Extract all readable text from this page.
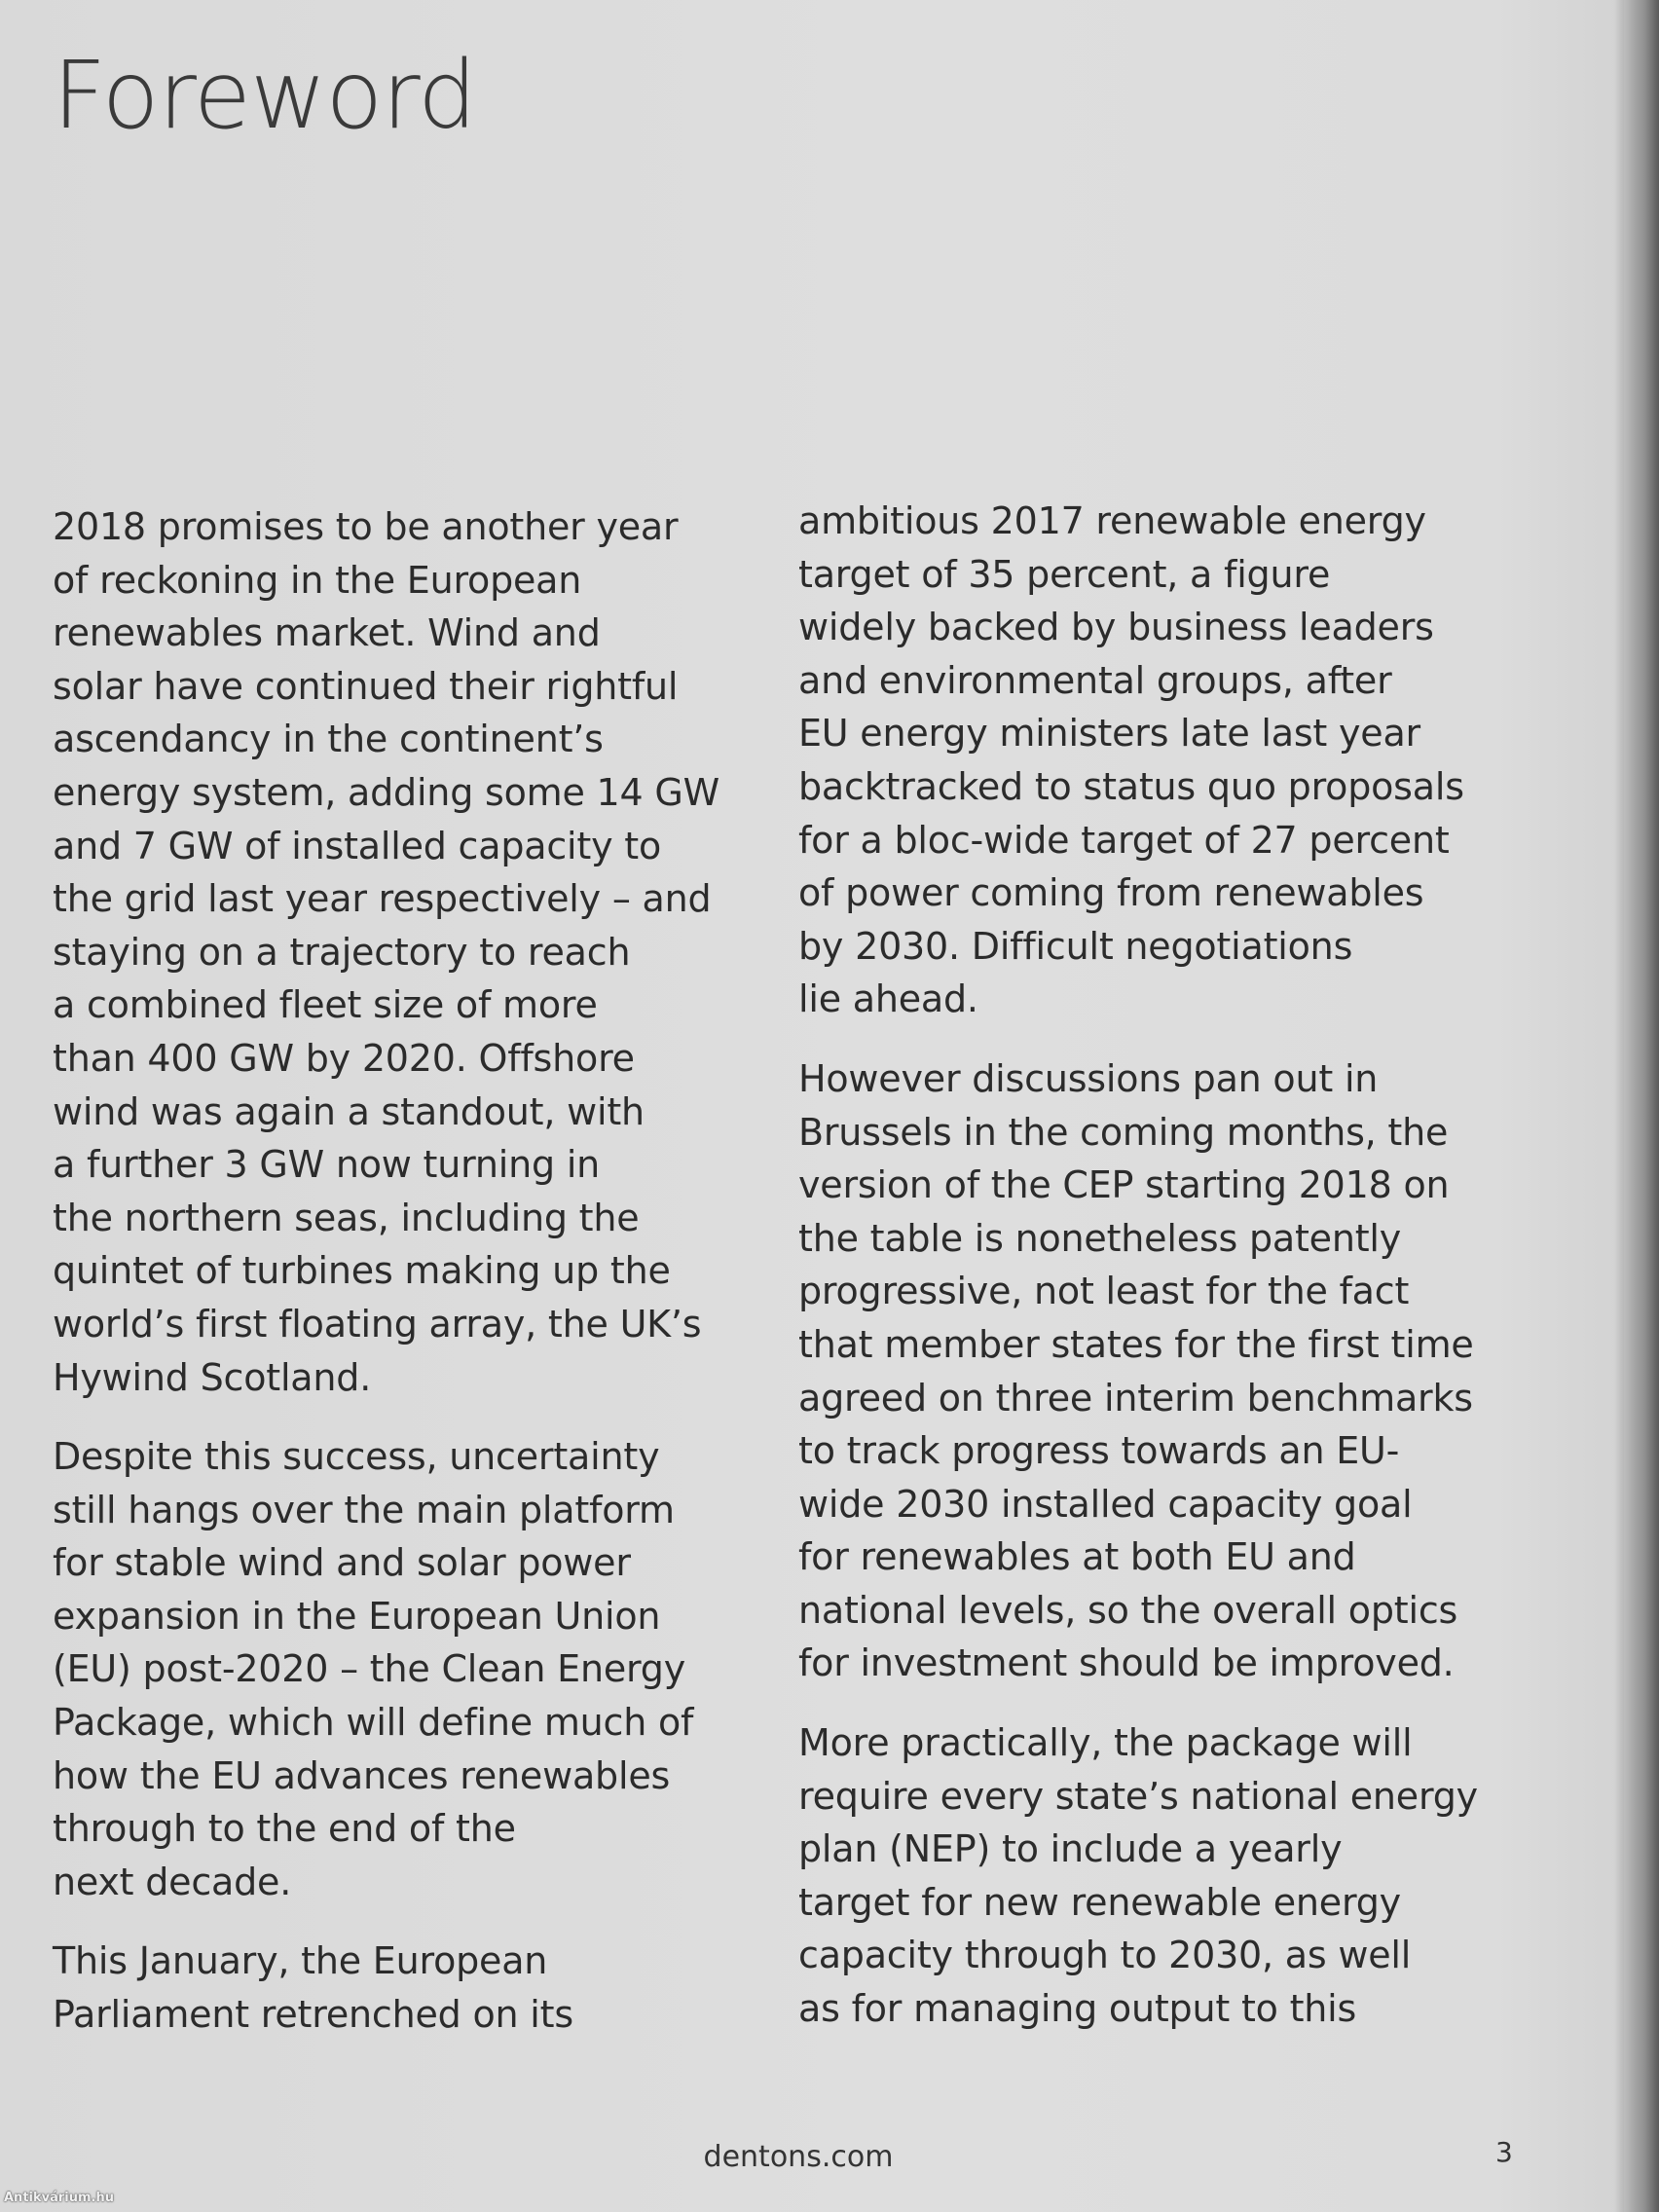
Foreword

2018 promises to be another year
of reckoning in the European
renewables market. Wind and
solar have continued their rightful
ascendancy in the continent’s
energy system, adding some 14 GW
and 7 GW of installed capacity to
the grid last year respectively – and
staying on a trajectory to reach
a combined fleet size of more
than 400 GW by 2020. Offshore
wind was again a standout, with
a further 3 GW now turning in
the northern seas, including the
quintet of turbines making up the
world’s first floating array, the UK’s
Hywind Scotland.

Despite this success, uncertainty
still hangs over the main platform
for stable wind and solar power
expansion in the European Union
(EU) post-2020 – the Clean Energy
Package, which will define much of
how the EU advances renewables
through to the end of the
next decade.

This January, the European
Parliament retrenched on its

ambitious 2017 renewable energy
target of 35 percent, a figure
widely backed by business leaders
and environmental groups, after
EU energy ministers late last year
backtracked to status quo proposals
for a bloc-wide target of 27 percent
of power coming from renewables
by 2030. Difficult negotiations
lie ahead.

However discussions pan out in
Brussels in the coming months, the
version of the CEP starting 2018 on
the table is nonetheless patently
progressive, not least for the fact
that member states for the first time
agreed on three interim benchmarks
to track progress towards an EU-
wide 2030 installed capacity goal
for renewables at both EU and
national levels, so the overall optics
for investment should be improved.

More practically, the package will
require every state’s national energy
plan (NEP) to include a yearly
target for new renewable energy
capacity through to 2030, as well
as for managing output to this

dentons.com	3
Antikvárium.hu
